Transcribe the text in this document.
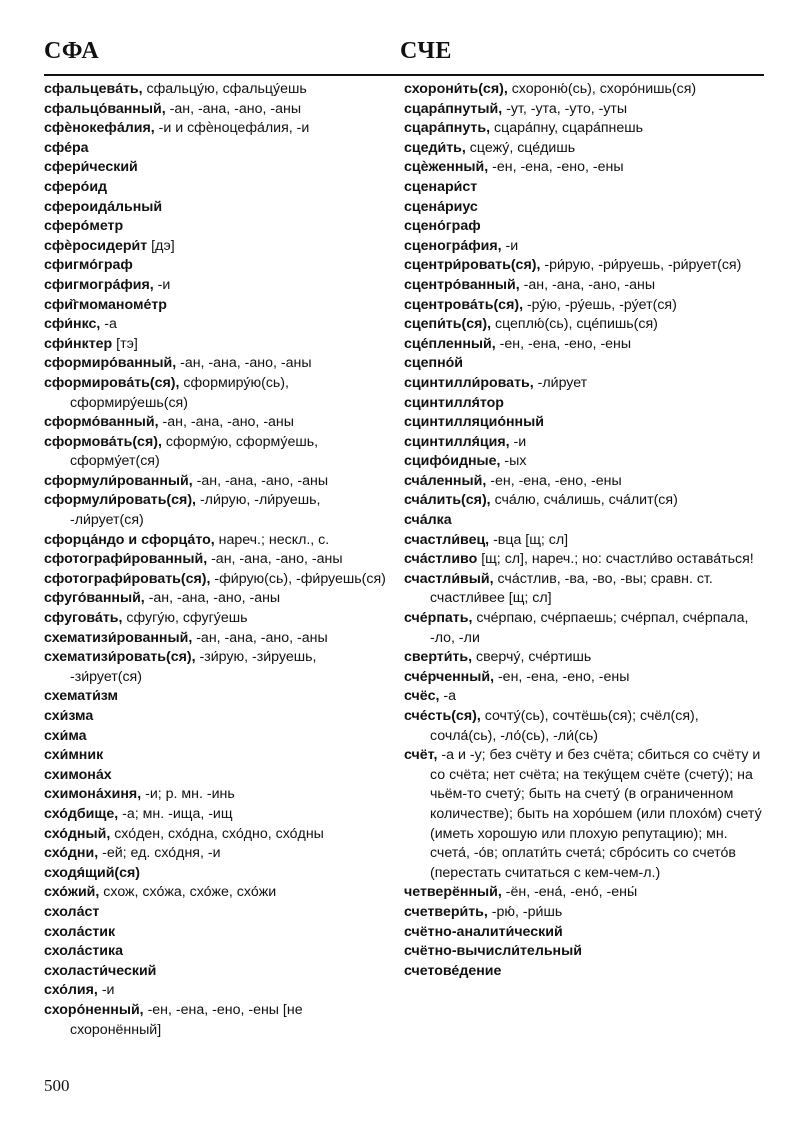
СФА	СЧЕ
сфальцева́ть, сфальцу́ю, сфальцу́ешь
сфальцо́ванный, -ан, -ана, -ано, -аны
сфѐнокефа́лия, -и и сфѐноцефа́лия, -и
сфе́ра
сфери́ческий
сферо́ид
сфероида́льный
сферо́метр
сфѐросидери́т [дэ]
сфигмо́граф
сфигмогра́фия, -и
сфи̏гмоманоме́тр
сфи́нкс, -а
сфи́нктер [тэ]
сформиро́ванный, -ан, -ана, -ано, -аны
сформирова́ть(ся), сформиру́ю(сь), сформиру́ешь(ся)
сформо́ванный, -ан, -ана, -ано, -аны
сформова́ть(ся), сформу́ю, сформу́ешь, сформу́ет(ся)
сформули́рованный, -ан, -ана, -ано, -аны
сформули́ровать(ся), -ли́рую, -ли́руешь, -ли́рует(ся)
сфорца́ндо и сфорца́то, нареч.; нескл., с.
сфотографи́рованный, -ан, -ана, -ано, -аны
сфотографи́ровать(ся), -фи́рую(сь), -фи́руешь(ся)
сфуго́ванный, -ан, -ана, -ано, -аны
сфугова́ть, сфугу́ю, сфугу́ешь
схематизи́рованный, -ан, -ана, -ано, -аны
схематизи́ровать(ся), -зи́рую, -зи́руешь, -зи́рует(ся)
схемати́зм
схи́зма
схи́ма
схи́мник
схимона́х
схимона́хиня, -и; р. мн. -инь
схо́дбище, -а; мн. -ища, -ищ
схо́дный, схо́ден, схо́дна, схо́дно, схо́дны
схо́дни, -ей; ед. схо́дня, -и
сходя́щий(ся)
схо́жий, схож, схо́жа, схо́же, схо́жи
схола́ст
схола́стик
схола́стика
схоласти́ческий
схо́лия, -и
схоро́ненный, -ен, -ена, -ено, -ены [не схоронённый]
схорони́ть(ся), схороню́(сь), схоро́нишь(ся)
сцара́пнутый, -ут, -ута, -уто, -уты
сцара́пнуть, сцара́пну, сцара́пнешь
сцеди́ть, сцежу́, сце́дишь
сцѐженный, -ен, -ена, -ено, -ены
сценари́ст
сцена́риус
сцено́граф
сценогра́фия, -и
сцентри́ровать(ся), -ри́рую, -ри́руешь, -ри́рует(ся)
сцентро́ванный, -ан, -ана, -ано, -аны
сцентрова́ть(ся), -ру́ю, -ру́ешь, -ру́ет(ся)
сцепи́ть(ся), сцеплю́(сь), сце́пишь(ся)
сце́пленный, -ен, -ена, -ено, -ены
сцепно́й
сцинтилли́ровать, -ли́рует
сцинтилля́тор
сцинтилляцио́нный
сцинтилля́ция, -и
сцифо́идные, -ых
сча́ленный, -ен, -ена, -ено, -ены
сча́лить(ся), сча́лю, сча́лишь, сча́лит(ся)
сча́лка
счастли́вец, -вца [щ; сл]
сча́стливо [щ; сл], нареч.; но: счастли́во остава́ться!
счастли́вый, сча́стлив, -ва, -во, -вы; сравн. ст. счастли́вее [щ; сл]
сче́рпать, сче́рпаю, сче́рпаешь; сче́рпал, сче́рпала, -ло, -ли
сверти́ть, сверчу́, сче́ртишь
сче́рченный, -ен, -ена, -ено, -ены
счёс, -а
сче́сть(ся), сочту́(сь), сочтёшь(ся); счёл(ся), сочла́(сь), -ло́(сь), -ли́(сь)
счёт, -а и -у; без счёту и без счёта; сбиться со счёту и со счёта; нет счёта; на теку́щем счёте (счету́); на чьём-то счету́; быть на счету́ (в ограниченном количестве); быть на хоро́шем (или плохо́м) счету́ (иметь хорошую или плохую репутацию); мн. счета́, -о́в; оплати́ть счета́; сбро́сить со счето́в (перестать считаться с кем-чем-л.)
четверённый, -ён, -ена́, -ено́, -ены́
счетвери́ть, -рю́, -ри́шь
счётно-аналити́ческий
счётно-вычисли́тельный
счетове́дение
500
